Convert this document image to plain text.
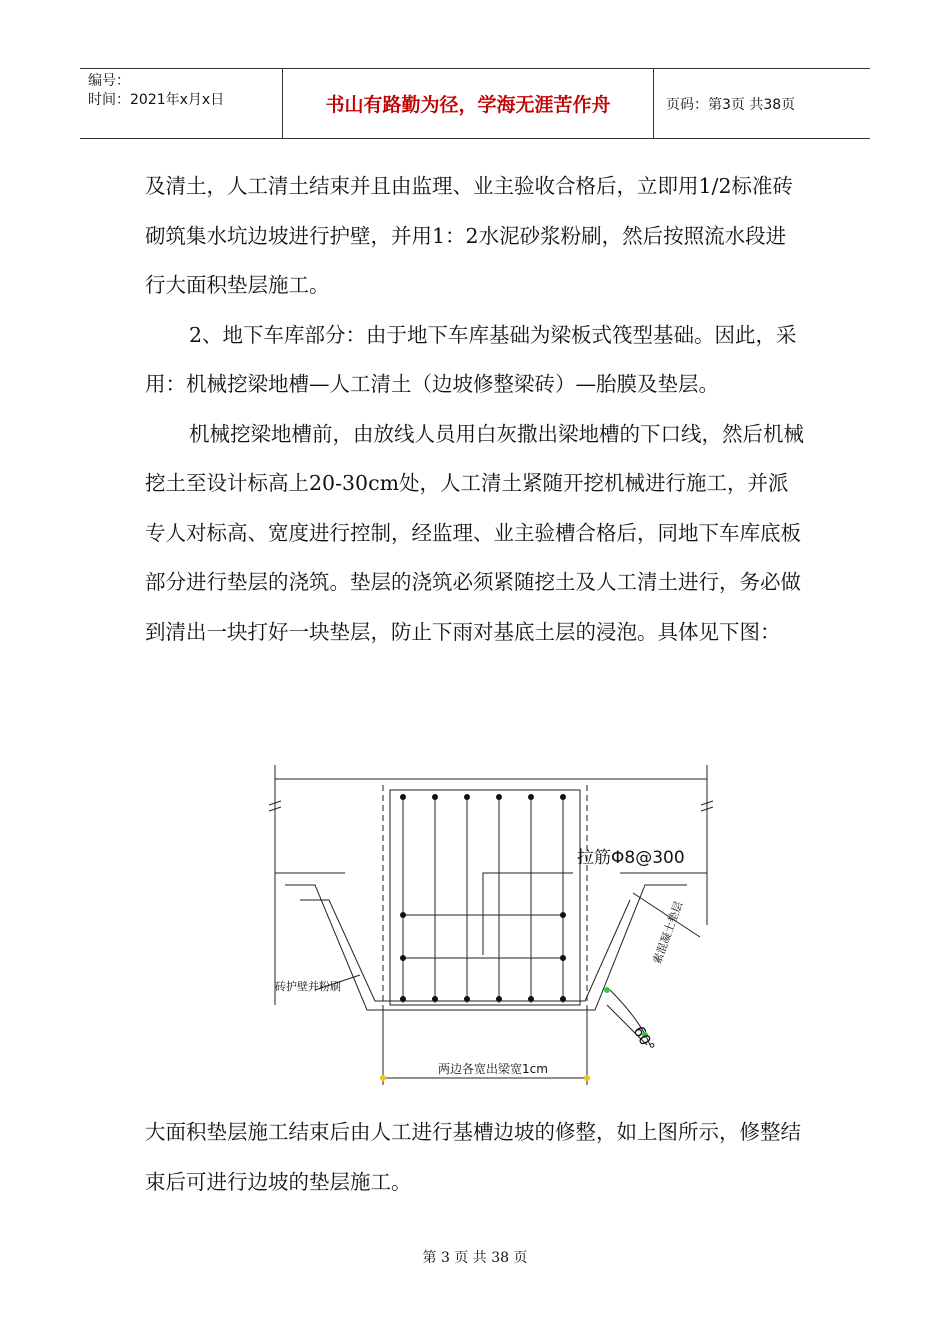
编号：
时间：2021年x月x日	书山有路勤为径，学海无涯苦作舟	页码：第3页 共38页

及清土，人工清土结束并且由监理、业主验收合格后，立即用1/2标准砖砌筑集水坑边坡进行护壁，并用1：2水泥砂浆粉刷，然后按照流水段进行大面积垫层施工。

2、地下车库部分：由于地下车库基础为梁板式筏型基础。因此，采用：机械挖梁地槽—人工清土（边坡修整梁砖）—胎膜及垫层。

机械挖梁地槽前，由放线人员用白灰撒出梁地槽的下口线，然后机械挖土至设计标高上20-30cm处，人工清土紧随开挖机械进行施工，并派专人对标高、宽度进行控制，经监理、业主验槽合格后，同地下车库底板部分进行垫层的浇筑。垫层的浇筑必须紧随挖土及人工清土进行，务必做到清出一块打好一块垫层，防止下雨对基底土层的浸泡。具体见下图：

拉筋Φ8@300
素混凝土垫层
砖护壁并粉刷
60°
两边各宽出梁宽1cm

大面积垫层施工结束后由人工进行基槽边坡的修整，如上图所示，修整结束后可进行边坡的垫层施工。

第 3 页 共 38 页
